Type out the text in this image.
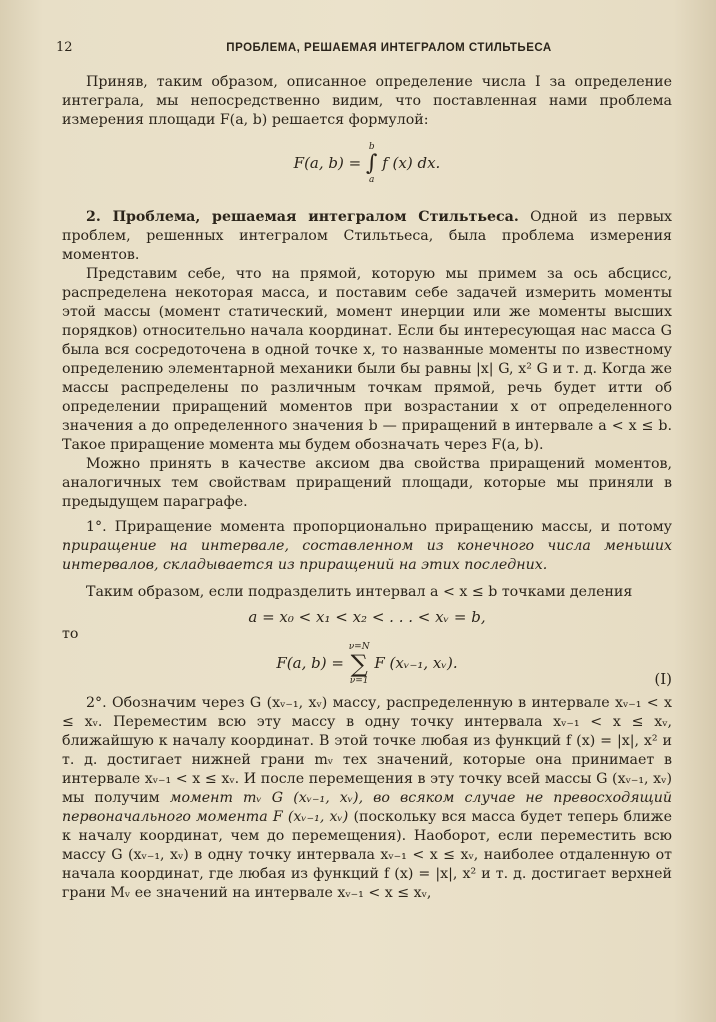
12	ПРОБЛЕМА, РЕШАЕМАЯ ИНТЕГРАЛОМ СТИЛЬТЬЕСА

Приняв, таким образом, описанное определение числа I за определение интеграла, мы непосредственно видим, что поставленная нами проблема измерения площади F(a, b) решается формулой:

F(a, b) =
b
∫
a
f (x) dx.

2. Проблема, решаемая интегралом Стильтьеса. Одной из первых проблем, решенных интегралом Стильтьеса, была проблема измерения моментов.

Представим себе, что на прямой, которую мы примем за ось абсцисс, распределена некоторая масса, и поставим себе задачей измерить моменты этой массы (момент статический, момент инерции или же моменты высших порядков) относительно начала координат. Если бы интересующая нас масса G была вся сосредоточена в одной точке x, то названные моменты по известному определению элементарной механики были бы равны |x| G, x² G и т. д. Когда же массы распределены по различным точкам прямой, речь будет итти об определении приращений моментов при возрастании x от определенного значения a до определенного значения b — приращений в интервале a < x ≤ b. Такое приращение момента мы будем обозначать через F(a, b).

Можно принять в качестве аксиом два свойства приращений моментов, аналогичных тем свойствам приращений площади, которые мы приняли в предыдущем параграфе.

1°. Приращение момента пропорционально приращению массы, и потому приращение на интервале, составленном из конечного числа меньших интервалов, складывается из приращений на этих последних.

Таким образом, если подразделить интервал a < x ≤ b точками деления

a = x₀ < x₁ < x₂ < . . . < xᵥ = b,
то
F(a, b) =
ν=N
∑
ν=1
F (xᵥ₋₁, xᵥ).
(I)

2°. Обозначим через G (xᵥ₋₁, xᵥ) массу, распределенную в интервале xᵥ₋₁ < x ≤ xᵥ. Переместим всю эту массу в одну точку интервала xᵥ₋₁ < x ≤ xᵥ, ближайшую к началу координат. В этой точке любая из функций f (x) = |x|, x² и т. д. достигает нижней грани mᵥ тех значений, которые она принимает в интервале xᵥ₋₁ < x ≤ xᵥ. И после перемещения в эту точку всей массы G (xᵥ₋₁, xᵥ) мы получим момент mᵥ G (xᵥ₋₁, xᵥ), во всяком случае не превосходящий первоначального момента F (xᵥ₋₁, xᵥ) (поскольку вся масса будет теперь ближе к началу координат, чем до перемещения). Наоборот, если переместить всю массу G (xᵥ₋₁, xᵥ) в одну точку интервала xᵥ₋₁ < x ≤ xᵥ, наиболее отдаленную от начала координат, где любая из функций f (x) = |x|, x² и т. д. достигает верхней грани Mᵥ ее значений на интервале xᵥ₋₁ < x ≤ xᵥ,
